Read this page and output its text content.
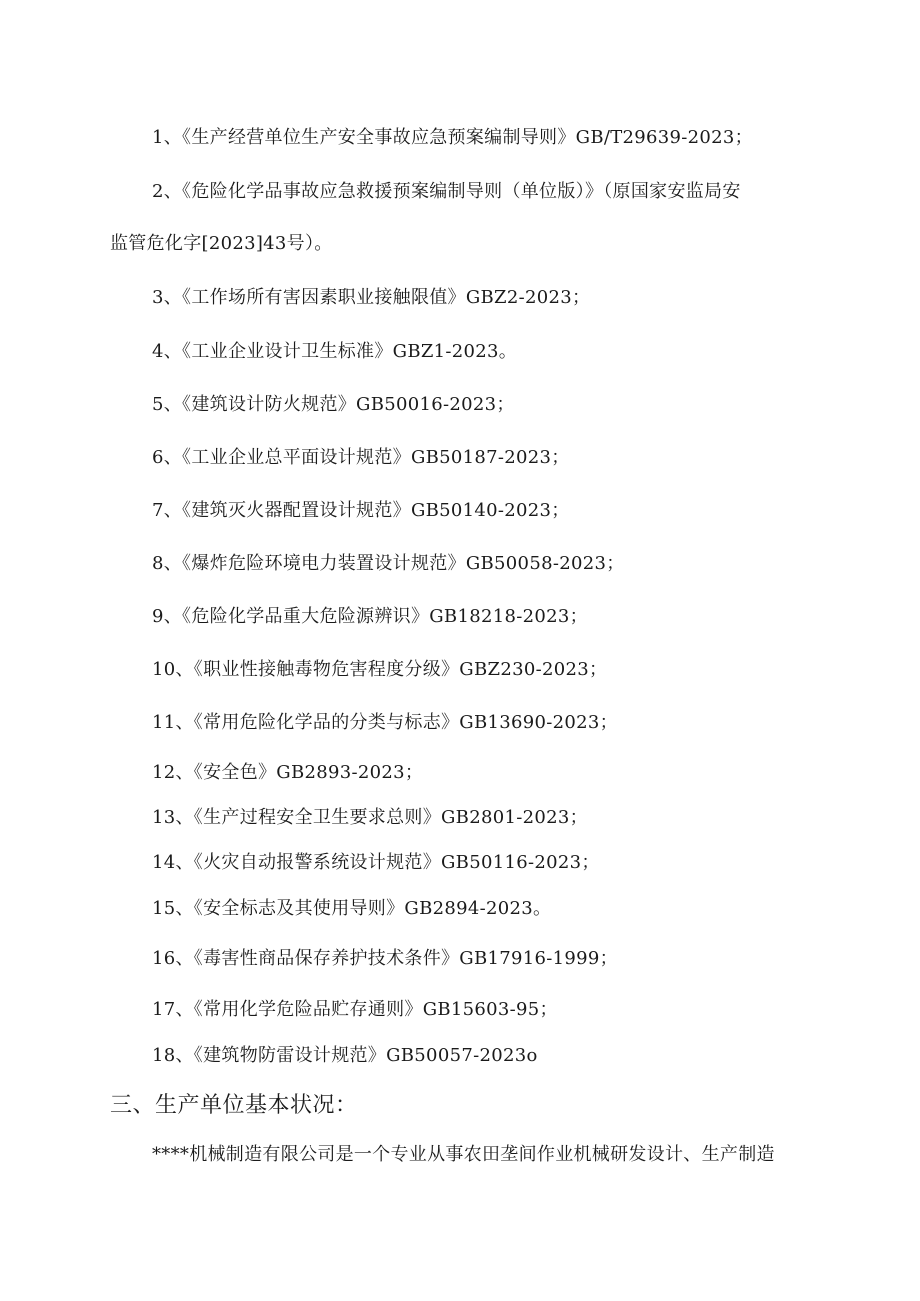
1、《生产经营单位生产安全事故应急预案编制导则》GB/T29639-2023；
2、《危险化学品事故应急救援预案编制导则（单位版）》（原国家安监局安
监管危化字[2023]43号）。
3、《工作场所有害因素职业接触限值》GBZ2-2023；
4、《工业企业设计卫生标准》GBZ1-2023。
5、《建筑设计防火规范》GB50016-2023；
6、《工业企业总平面设计规范》GB50187-2023；
7、《建筑灭火器配置设计规范》GB50140-2023；
8、《爆炸危险环境电力装置设计规范》GB50058-2023；
9、《危险化学品重大危险源辨识》GB18218-2023；
10、《职业性接触毒物危害程度分级》GBZ230-2023；
11、《常用危险化学品的分类与标志》GB13690-2023；
12、《安全色》GB2893-2023；
13、《生产过程安全卫生要求总则》GB2801-2023；
14、《火灾自动报警系统设计规范》GB50116-2023；
15、《安全标志及其使用导则》GB2894-2023。
16、《毒害性商品保存养护技术条件》GB17916-1999；
17、《常用化学危险品贮存通则》GB15603-95；
18、《建筑物防雷设计规范》GB50057-2023o
三、生产单位基本状况：
****机械制造有限公司是一个专业从事农田垄间作业机械研发设计、生产制造
